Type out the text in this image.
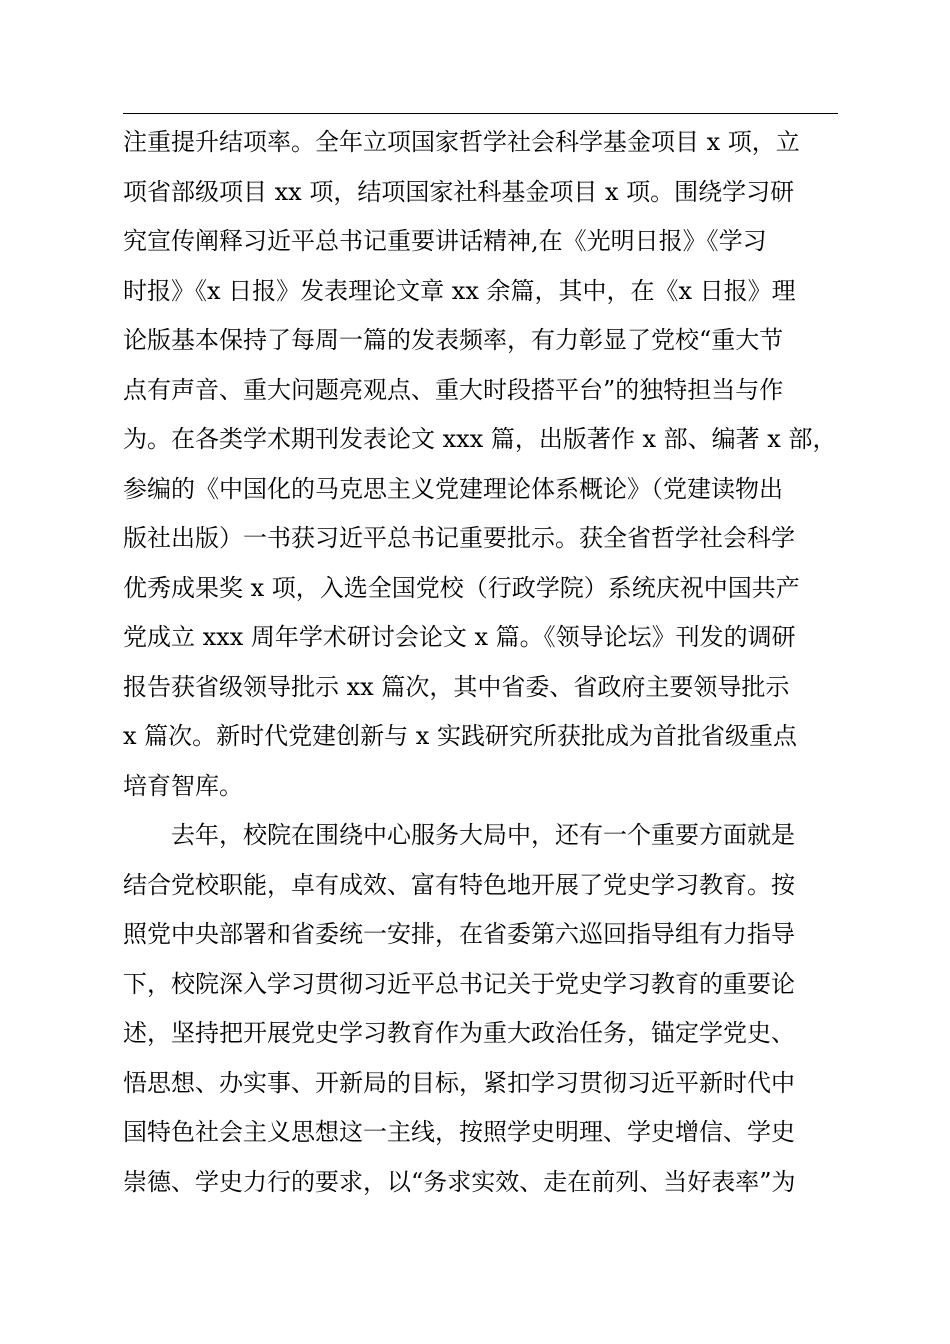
注重提升结项率。全年立项国家哲学社会科学基金项目 x 项，立
项省部级项目 xx 项，结项国家社科基金项目 x 项。围绕学习研
究宣传阐释习近平总书记重要讲话精神,在《光明日报》《学习
时报》《x 日报》发表理论文章 xx 余篇，其中，在《x 日报》理
论版基本保持了每周一篇的发表频率，有力彰显了党校“重大节
点有声音、重大问题亮观点、重大时段搭平台”的独特担当与作
为。在各类学术期刊发表论文 xxx 篇，出版著作 x 部、编著 x 部，
参编的《中国化的马克思主义党建理论体系概论》（党建读物出
版社出版）一书获习近平总书记重要批示。获全省哲学社会科学
优秀成果奖 x 项，入选全国党校（行政学院）系统庆祝中国共产
党成立 xxx 周年学术研讨会论文 x 篇。《领导论坛》刊发的调研
报告获省级领导批示 xx 篇次，其中省委、省政府主要领导批示
x 篇次。新时代党建创新与 x 实践研究所获批成为首批省级重点
培育智库。
去年，校院在围绕中心服务大局中，还有一个重要方面就是
结合党校职能，卓有成效、富有特色地开展了党史学习教育。按
照党中央部署和省委统一安排，在省委第六巡回指导组有力指导
下，校院深入学习贯彻习近平总书记关于党史学习教育的重要论
述，坚持把开展党史学习教育作为重大政治任务，锚定学党史、
悟思想、办实事、开新局的目标，紧扣学习贯彻习近平新时代中
国特色社会主义思想这一主线，按照学史明理、学史增信、学史
崇德、学史力行的要求，以“务求实效、走在前列、当好表率”为
